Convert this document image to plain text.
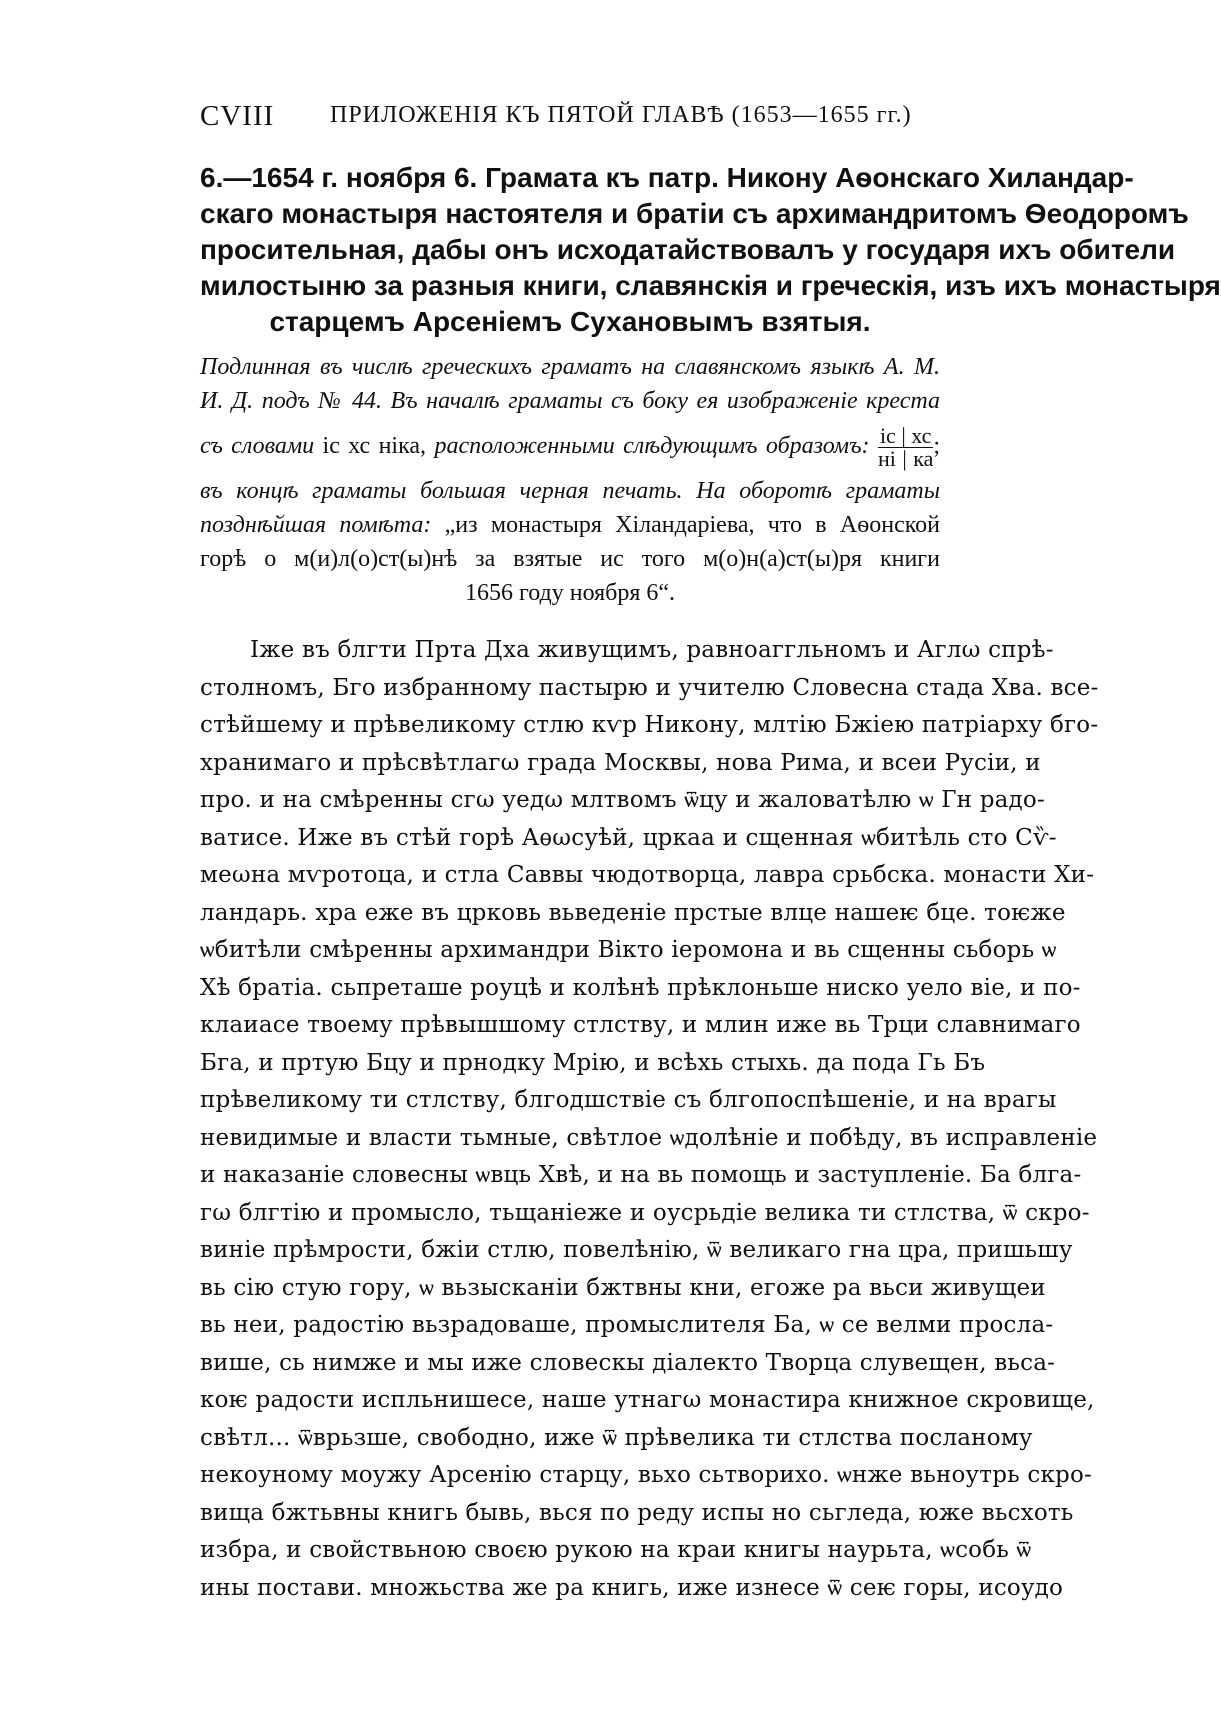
CVIII ПРИЛОЖЕНІЯ КЪ ПЯТОЙ ГЛАВѢ (1653—1655 гг.)
6.—1654 г. ноября 6. Грамата къ патр. Никону Аѳонскаго Хиландар-
скаго монастыря настоятеля и братіи съ архимандритомъ Ѳеодоромъ
просительная, дабы онъ исходатайствовалъ у государя ихъ обители
милостыню за разныя книги, славянскія и греческія, изъ ихъ монастыря
старцемъ Арсеніемъ Сухановымъ взятыя.
Подлинная въ числѣ греческихъ граматъ на славянскомъ языкѣ А. М.
И. Д. подъ № 44. Въ началѣ граматы съ боку ея изображеніе креста
съ словами іс хс ніка, расположенными слѣдующимъ образомъ: $\frac{іс | хс}{ні | ка}$ ;
въ концѣ граматы большая черная печать. На оборотѣ граматы
позднѣйшая помѣта: „из монастыря Хіландаріева, что в Аѳонской
горѣ о м(и)л(о)ст(ы)нѣ за взятые ис того м(о)н(а)ст(ы)ря книги
1656 году ноября 6“.
Іже въ блгти Прта Дха живущимъ, равноаггльномъ и Аглω спрѣ-
столномъ, Бго избранному пастырю и учителю Словесна стада Хва. все-
стѣйшему и прѣвеликому стлю кѵр Никону, млтію Бжіею патріарху бго-
хранимаго и прѣсвѣтлагω града Москвы, нова Рима, и всеи Русіи, и
про. и на смѣренны сгω уедω млтвомъ ѿцу и жаловатѣлю ѡ Гн радо-
ватисе. Иже въ стѣй горѣ Аѳωсуѣй, црκаа и сщенная ѡбитѣль сто Сѷ-
меωна мѵротоца, и стла Саввы чюдотворца, лавра срьбска. монасти Хи-
ландарь. хра еже въ црковь вьведеніе прстые влце нашеѥ бце. тоѥже
ѡбитѣли смѣренны архимандри Віκто іеромона и вь сщенны сьборь ѡ
Хѣ братіа. сьпреташе роуцѣ и колѣнѣ прѣклоньше ниско уело віе, и по-
клаиасе твоему прѣвышшому стлству, и млин иже вь Трци славнимаго
Бга, и пртую Бцу и прнодку Мрію, и всѣхь стыхь. да пода Гь Бъ
прѣвелиκому ти стлству, блгодшствіе съ блгопоспѣшеніе, и на врагы
невидимые и власти тьмные, свѣтлое ѡдолѣніе и побѣду, въ исправленіе
и наказаніе словесны ѡвць Хвѣ, и на вь помощь и заступленіе. Ба блга-
гω блгтію и промысло, тьщаніеже и оусрьдіе велика ти стлства, ѿ скро-
виніе прѣмрости, бжіи стлю, повелѣнію, ѿ великаго гна цра, пришьшу
вь сію стую гору, ѡ вьзысканіи бжтвны кни, егоже ра вьси живущеи
вь неи, радостію вьзрадоваше, промыслителя Ба, ѡ се велми просла-
више, сь нимже и мы иже словескы діалекто Творца слувещен, вьса-
коѥ радости испльнишесе, наше утнагω монастира книжное скровище,
свѣтл... ѿврьзше, свободно, иже ѿ прѣвелика ти стлства посланому
некоуному моужу Арсенію старцу, вьхо сьтворихо. ѡнже вьноутрь скро-
вища бжтьвны книгь бывь, вься по реду испы но сьгледа, юже вьсхоть
избра, и свойствьною своєю рукою на краи книгы наурьта, ѡсобь ѿ
ины постави. множьства же ра книгь, иже изнесе ѿ сеѥ горы, исоудо
